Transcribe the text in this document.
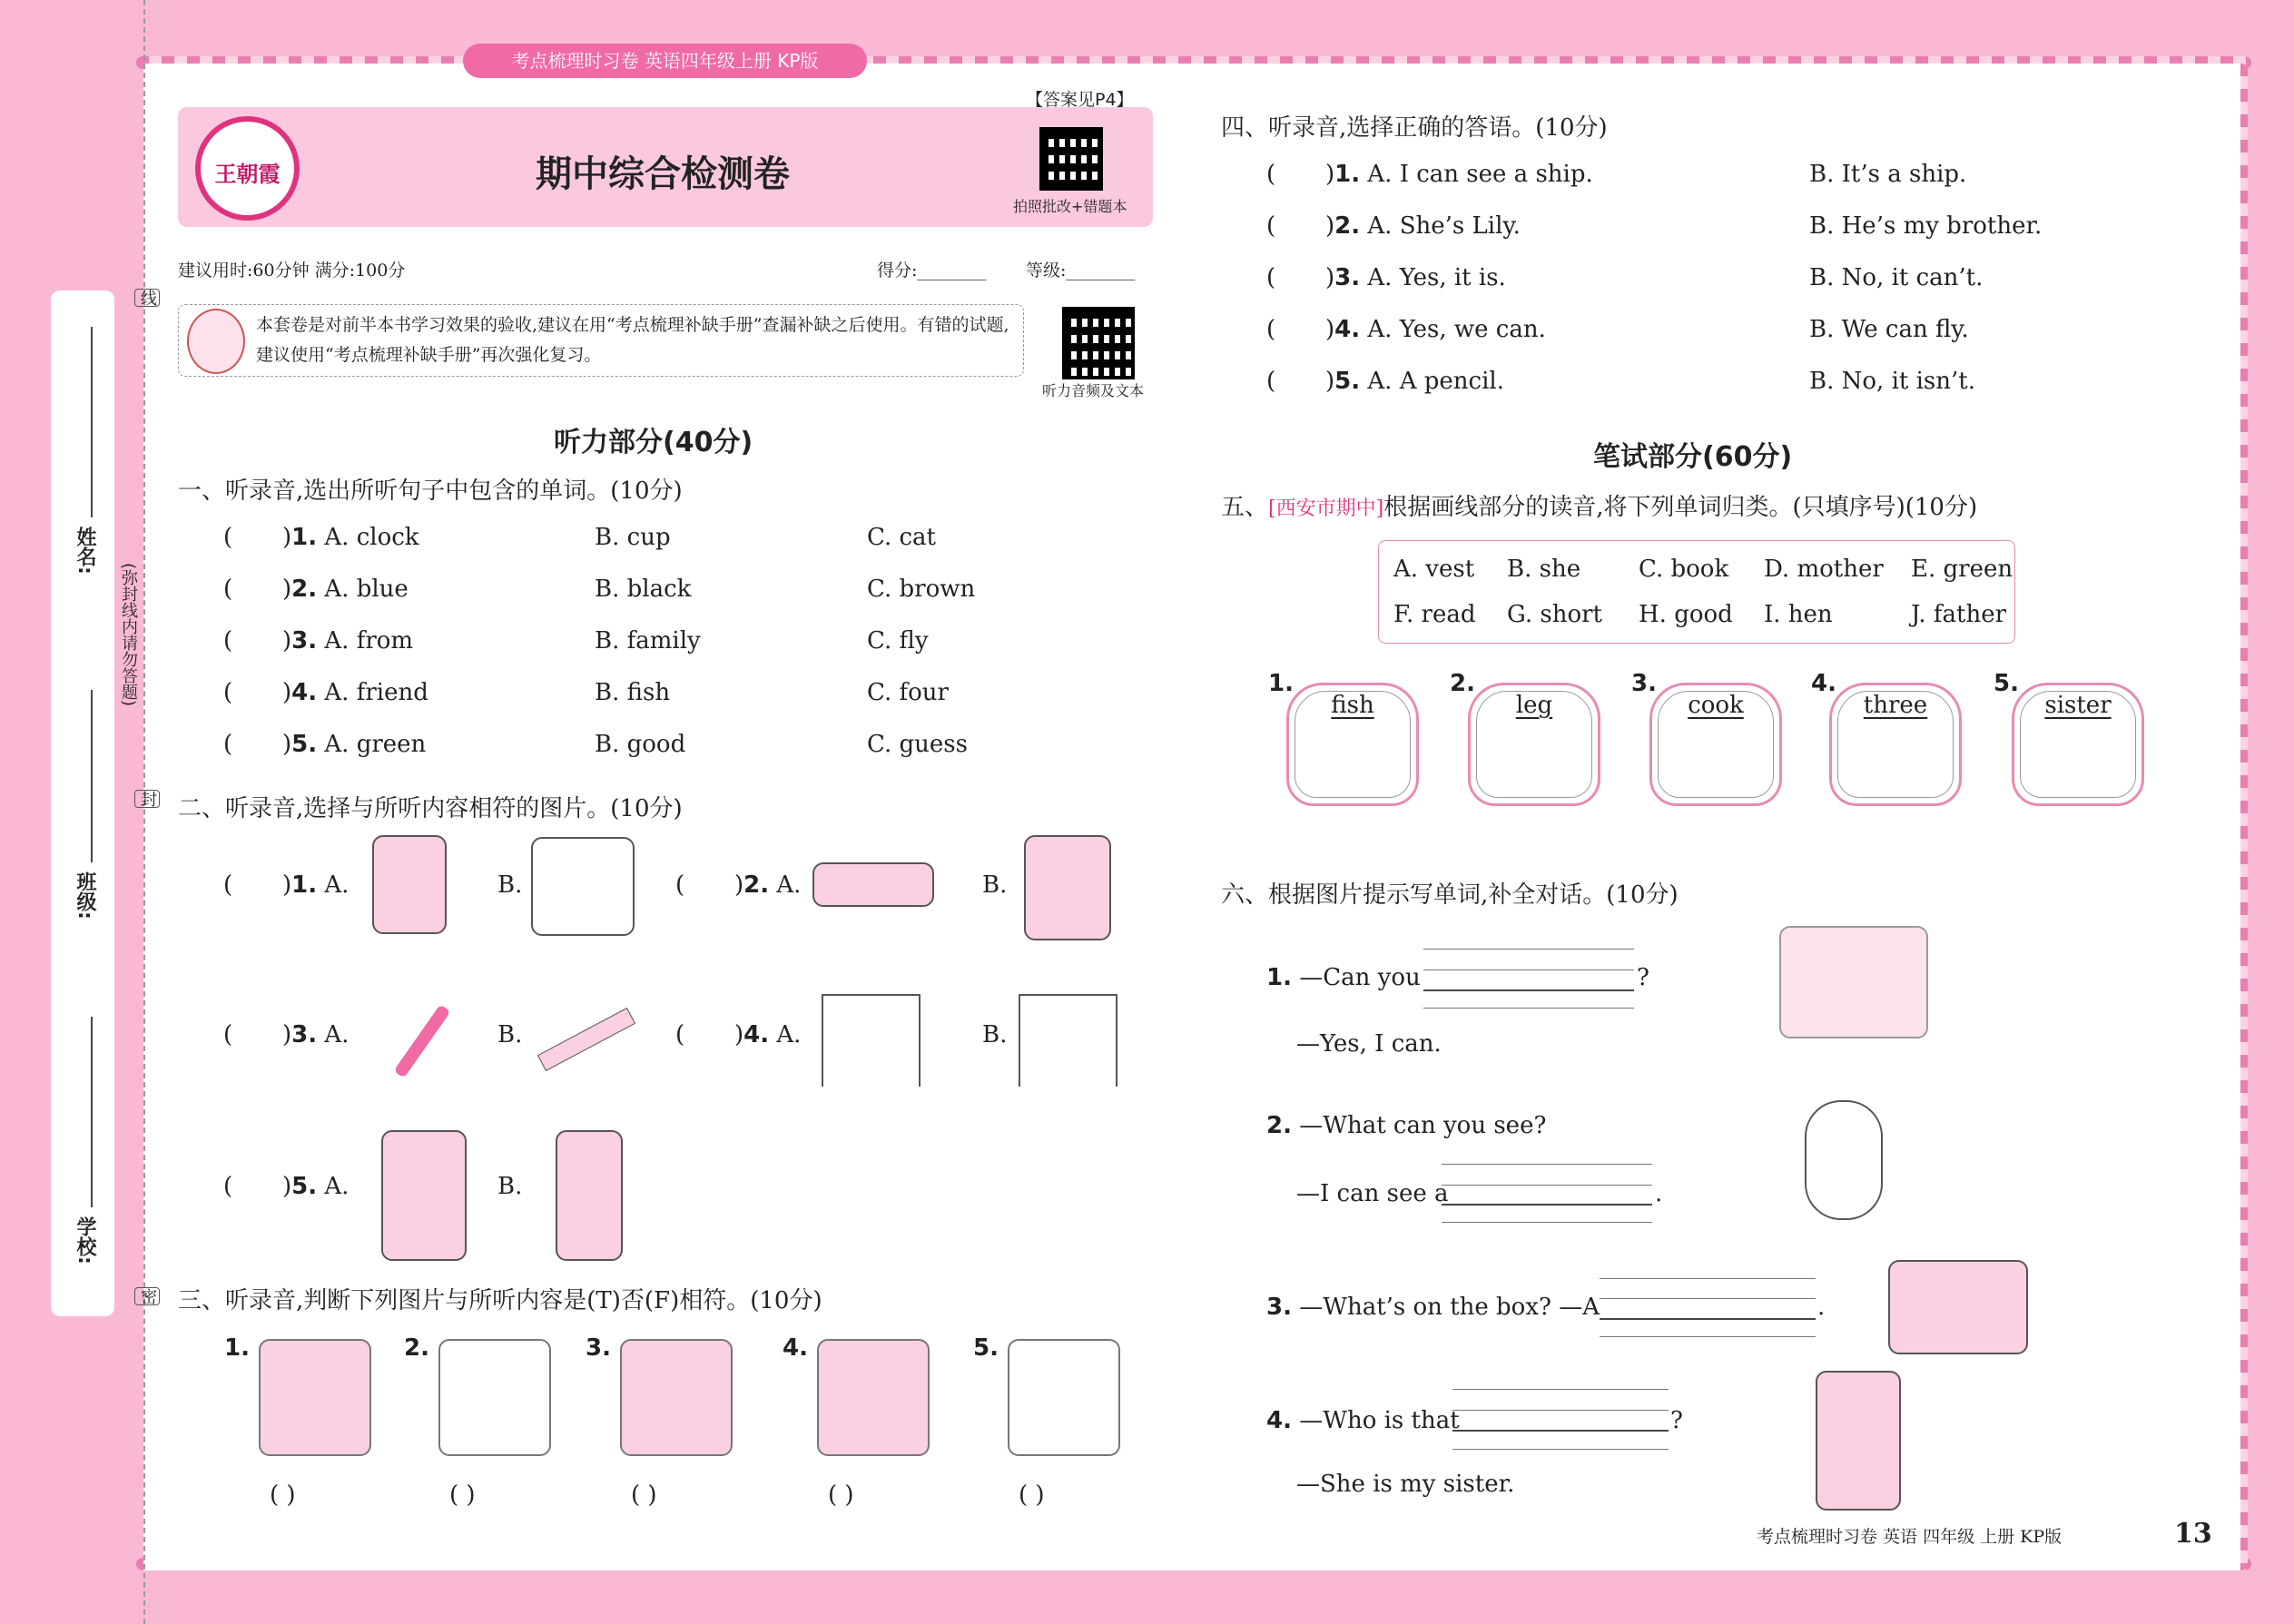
考点梳理时习卷 英语四年级上册 KP版
姓名:
班级:
学校:
(弥封线内请勿答题)
线
封
密
王朝霞	期中综合检测卷
【答案见P4】
拍照批改+错题本
建议用时:60分钟 满分:100分	得分:________ 等级:________
本套卷是对前半本书学习效果的验收,建议在用“考点梳理补缺手册”查漏补缺之后使用。有错的试题,建议使用“考点梳理补缺手册”再次强化复习。
听力音频及文本
听力部分(40分)
一、听录音,选出所听句子中包含的单词。(10分)
( )1. A. clock	B. cup	C. cat
( )2. A. blue	B. black	C. brown
( )3. A. from	B. family	C. fly
( )4. A. friend	B. fish	C. four
( )5. A. green	B. good	C. guess
二、听录音,选择与所听内容相符的图片。(10分)
( )1. A.	B.	( )2. A.	B.
( )3. A.	B.	( )4. A.	B.
( )5. A.	B.
三、听录音,判断下列图片与所听内容是(T)否(F)相符。(10分)
1.
( )
2.
( )
3.
( )
4.
( )
5.
( )
四、听录音,选择正确的答语。(10分)
( )1. A. I can see a ship.	B. It’s a ship.
( )2. A. She’s Lily.	B. He’s my brother.
( )3. A. Yes, it is.	B. No, it can’t.
( )4. A. Yes, we can.	B. We can fly.
( )5. A. A pencil.	B. No, it isn’t.
笔试部分(60分)
五、[西安市期中]根据画线部分的读音,将下列单词归类。(只填序号)(10分)
A. vest B. she C. book D. mother E. green
F. read G. short H. good I. hen	J. father
1.
fish
2.
leg
3.
cook
4.
three
5.
sister
六、根据图片提示写单词,补全对话。(10分)
1. —Can you	?
—Yes, I can.
2. —What can you see?
—I can see a	.
3. —What’s on the box? —A	.
4. —Who is that	?
—She is my sister.
考点梳理时习卷 英语 四年级 上册 KP版	13
